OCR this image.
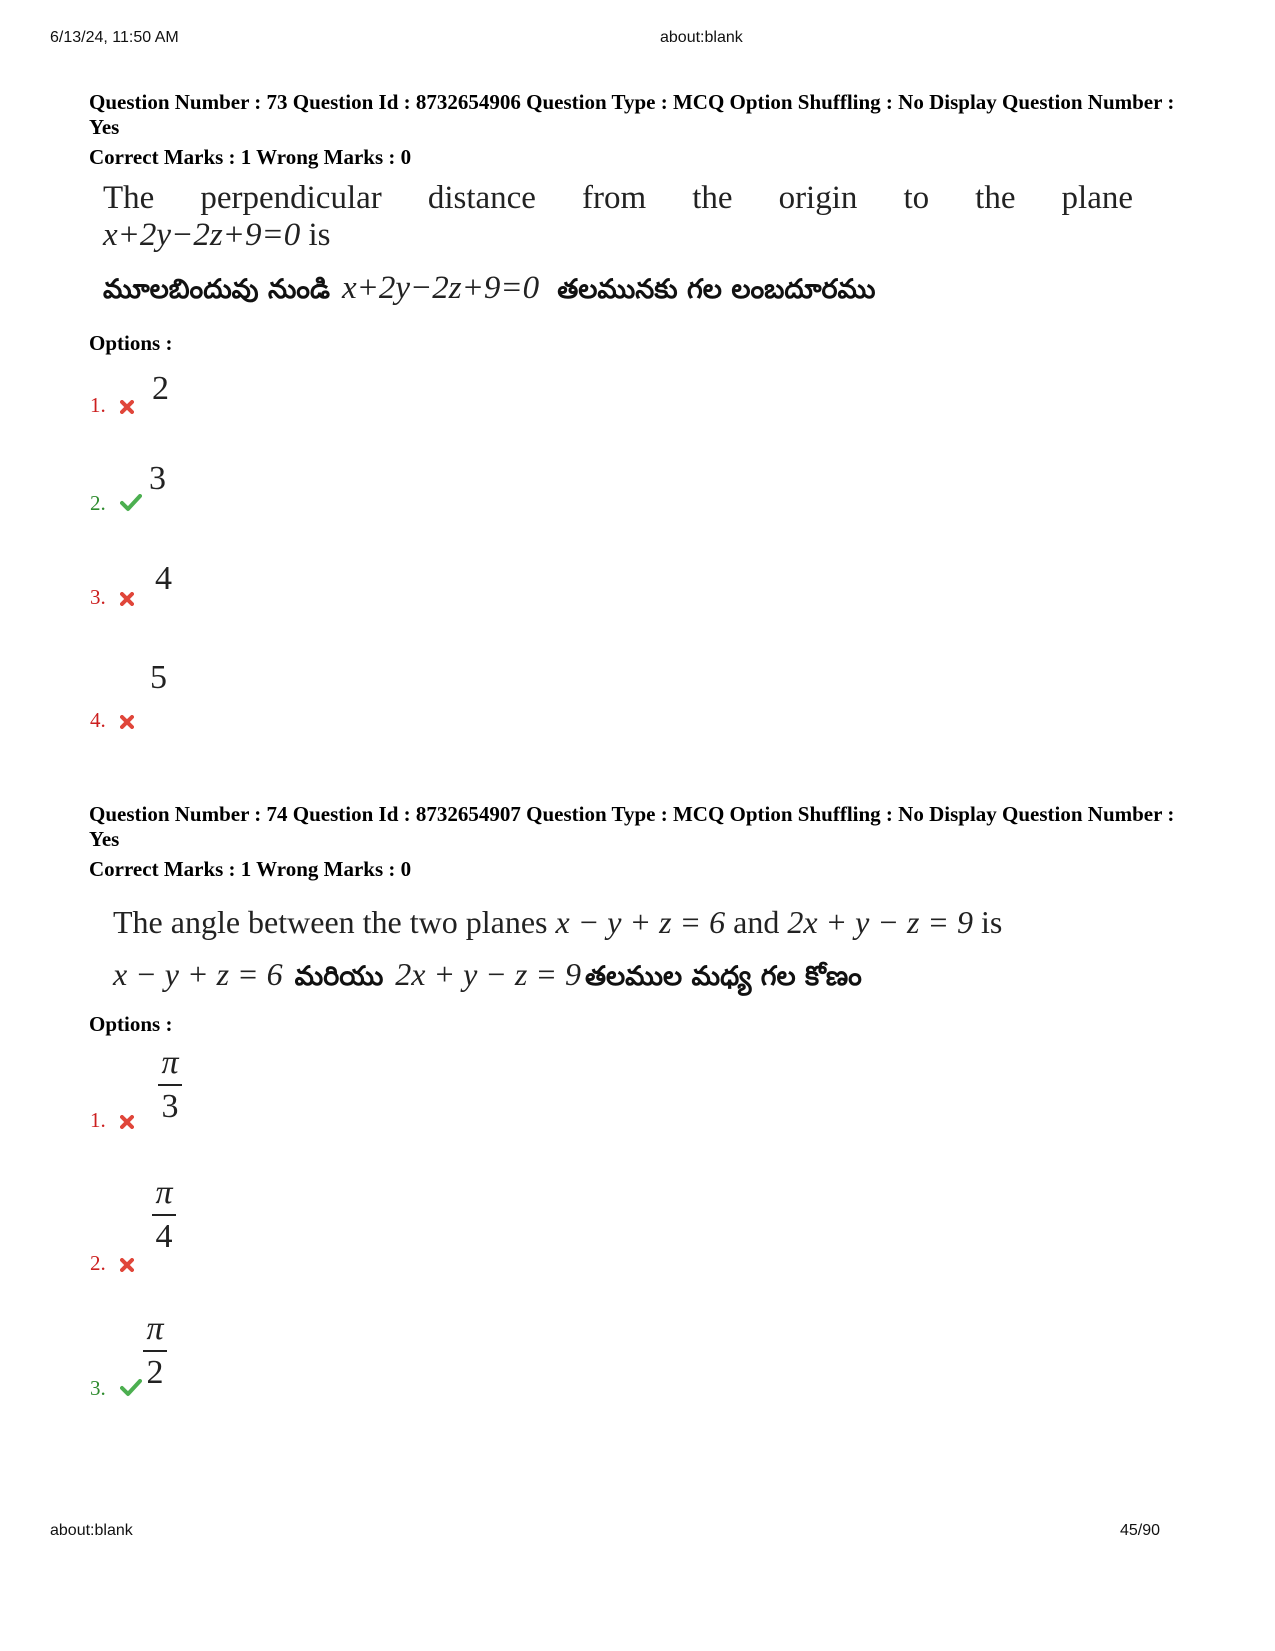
6/13/24, 11:50 AM	about:blank
about:blank	45/90
Question Number : 73 Question Id : 8732654906 Question Type : MCQ Option Shuffling : No Display Question Number : Yes
Correct Marks : 1 Wrong Marks : 0
The perpendicular distance from the origin to the plane
x+2y−2z+9=0 is
మూలబిందువు నుండి x+2y−2z+9=0 తలమునకు గల లంబదూరము
Options :
1.	2
2.
3
3.	4
4.
5
Question Number : 74 Question Id : 8732654907 Question Type : MCQ Option Shuffling : No Display Question Number : Yes
Correct Marks : 1 Wrong Marks : 0
The angle between the two planes x − y + z = 6 and 2x + y − z = 9 is
x − y + z = 6 మరియు 2x + y − z = 9 తలముల మధ్య గల కోణం
Options :
1.
π
3
2.
π
4
3.
π
2
